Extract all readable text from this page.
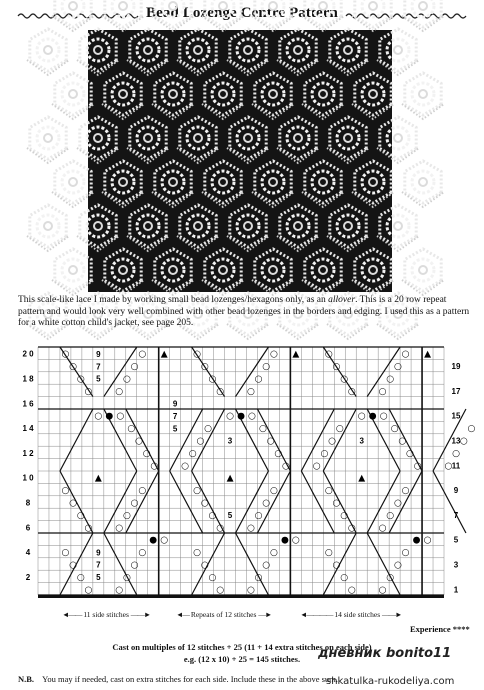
Bead Lozenge Centre Pattern
This scale-like lace I made by working small bead lozenges/hexagons only, as an allover. This is a 20 row repeat pattern and would look very well combined with other bead lozenges in the borders and edging. I used this as a pattern for a white cotton child's jacket, see page 205.
○	○
○	○
○	○
○	○
○ ● ○
▲
○	○
○	○
○	○
○	○
○	○
○	○
○	○
○	○
○	○
○	○
○	○
○	○
○ ● ○
▲
○	○
○	○
○	○
○	○
○	○
○	○
○	○
○	○
○	○
○	○
○	○
○	○
○ ● ○
▲
○	○
○	○
○	○
○	○
○	○
○	○
○	○
○	○
▲
○	○
○	○
○	○
○	○
● ○
▲
○	○
○	○
○	○
○	○
● ○
▲
○	○
○	○
○	○
○	○
● ○
9
7
5
9
7
5
3	3
5
9
7
5
2 0
1 8
1 6
1 4
1 2
1 0
8
6
4
2
19
17
15
13
11
9
7
5
3
1
◄—— 11 side stitches ——►	◄— Repeats of 12 stitches —►	◄———— 14 side stitches ——►
Experience ****
Cast on multiples of 12 stitches + 25 (11 + 14 extra stitches on each side)
e.g. (12 x 10) + 25 = 145 stitches.	дневник bonito11
N.B. You may if needed, cast on extra stitches for each side. Include these in the above sum.
shkatulka-rukodeliya.com
